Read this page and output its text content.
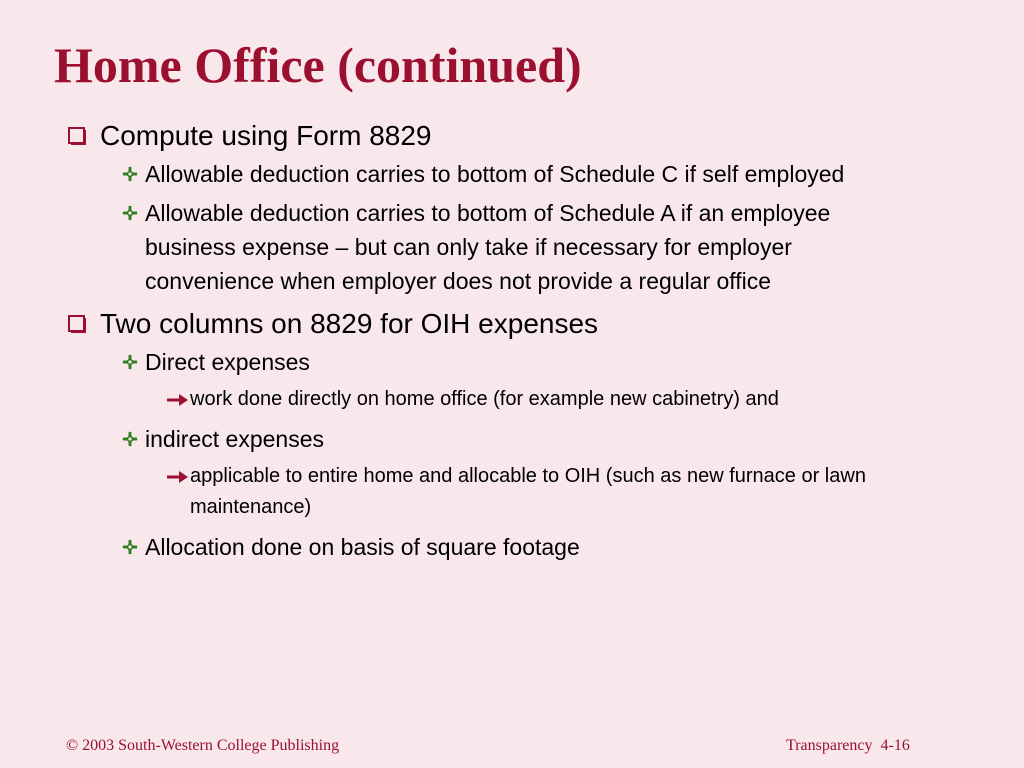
Home Office (continued)
Compute using Form 8829
Allowable deduction carries to bottom of Schedule C if self employed
Allowable deduction carries to bottom of Schedule A if an employee business expense – but can only take if necessary for employer convenience when employer does not provide a regular office
Two columns on 8829 for OIH expenses
Direct expenses
work done directly on home office (for example new cabinetry) and
indirect expenses
applicable to entire home and allocable to OIH (such as new furnace or lawn maintenance)
Allocation done on basis of square footage
© 2003 South-Western College Publishing	Transparency  4-16
